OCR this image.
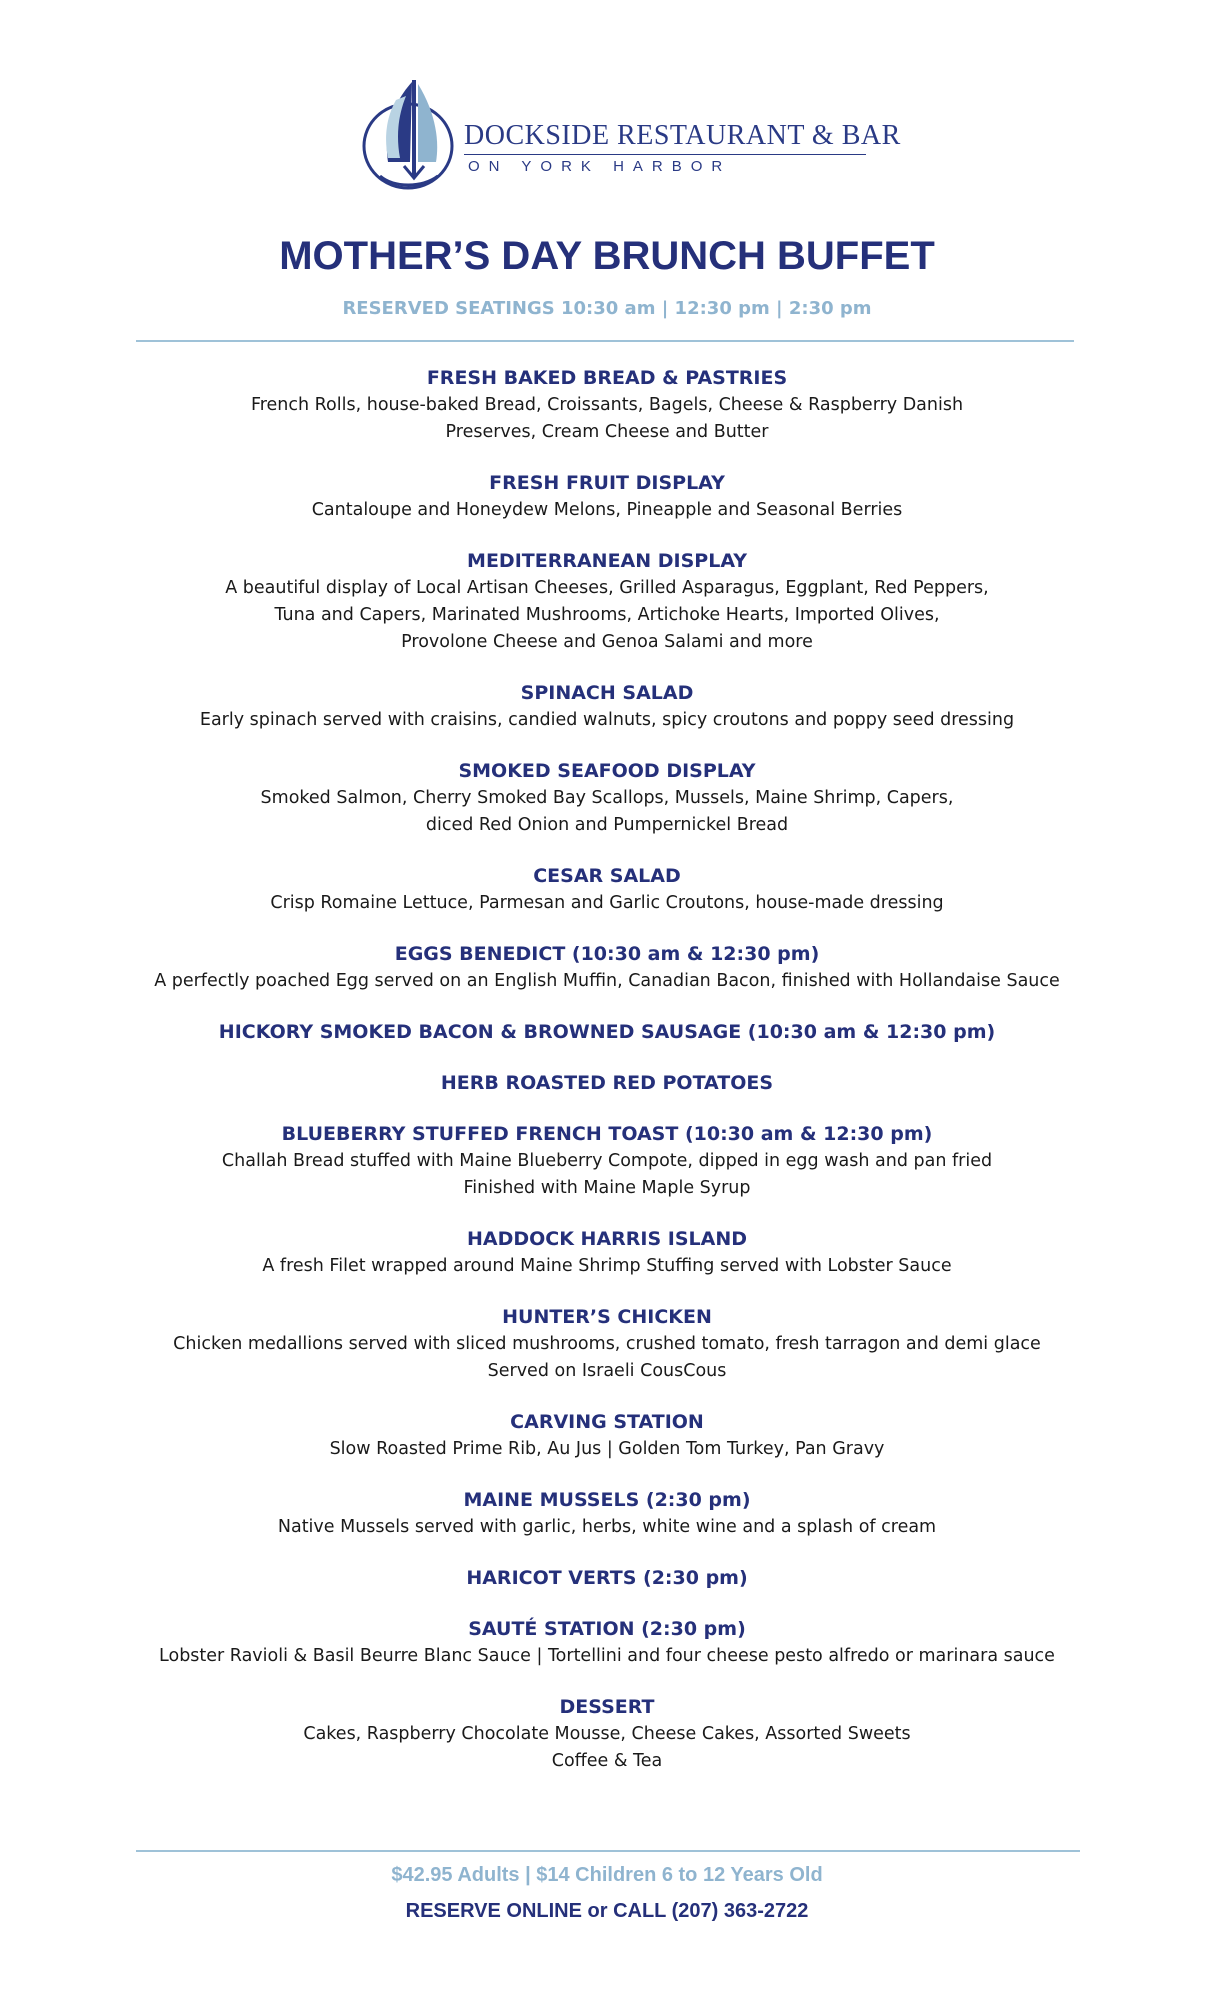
DOCKSIDE RESTAURANT & BAR
ON YORK HARBOR
MOTHER’S DAY BRUNCH BUFFET
RESERVED SEATINGS 10:30 am | 12:30 pm | 2:30 pm
FRESH BAKED BREAD & PASTRIES
French Rolls, house-baked Bread, Croissants, Bagels, Cheese & Raspberry Danish
Preserves, Cream Cheese and Butter
FRESH FRUIT DISPLAY
Cantaloupe and Honeydew Melons, Pineapple and Seasonal Berries
MEDITERRANEAN DISPLAY
A beautiful display of Local Artisan Cheeses, Grilled Asparagus, Eggplant, Red Peppers,
Tuna and Capers, Marinated Mushrooms, Artichoke Hearts, Imported Olives,
Provolone Cheese and Genoa Salami and more
SPINACH SALAD
Early spinach served with craisins, candied walnuts, spicy croutons and poppy seed dressing
SMOKED SEAFOOD DISPLAY
Smoked Salmon, Cherry Smoked Bay Scallops, Mussels, Maine Shrimp, Capers,
diced Red Onion and Pumpernickel Bread
CESAR SALAD
Crisp Romaine Lettuce, Parmesan and Garlic Croutons, house-made dressing
EGGS BENEDICT (10:30 am & 12:30 pm)
A perfectly poached Egg served on an English Muffin, Canadian Bacon, finished with Hollandaise Sauce
HICKORY SMOKED BACON & BROWNED SAUSAGE (10:30 am & 12:30 pm)
HERB ROASTED RED POTATOES
BLUEBERRY STUFFED FRENCH TOAST (10:30 am & 12:30 pm)
Challah Bread stuffed with Maine Blueberry Compote, dipped in egg wash and pan fried
Finished with Maine Maple Syrup
HADDOCK HARRIS ISLAND
A fresh Filet wrapped around Maine Shrimp Stuffing served with Lobster Sauce
HUNTER’S CHICKEN
Chicken medallions served with sliced mushrooms, crushed tomato, fresh tarragon and demi glace
Served on Israeli CousCous
CARVING STATION
Slow Roasted Prime Rib, Au Jus | Golden Tom Turkey, Pan Gravy
MAINE MUSSELS (2:30 pm)
Native Mussels served with garlic, herbs, white wine and a splash of cream
HARICOT VERTS (2:30 pm)
SAUTÉ STATION (2:30 pm)
Lobster Ravioli & Basil Beurre Blanc Sauce | Tortellini and four cheese pesto alfredo or marinara sauce
DESSERT
Cakes, Raspberry Chocolate Mousse, Cheese Cakes, Assorted Sweets
Coffee & Tea
$42.95 Adults | $14 Children 6 to 12 Years Old
RESERVE ONLINE or CALL (207) 363-2722
